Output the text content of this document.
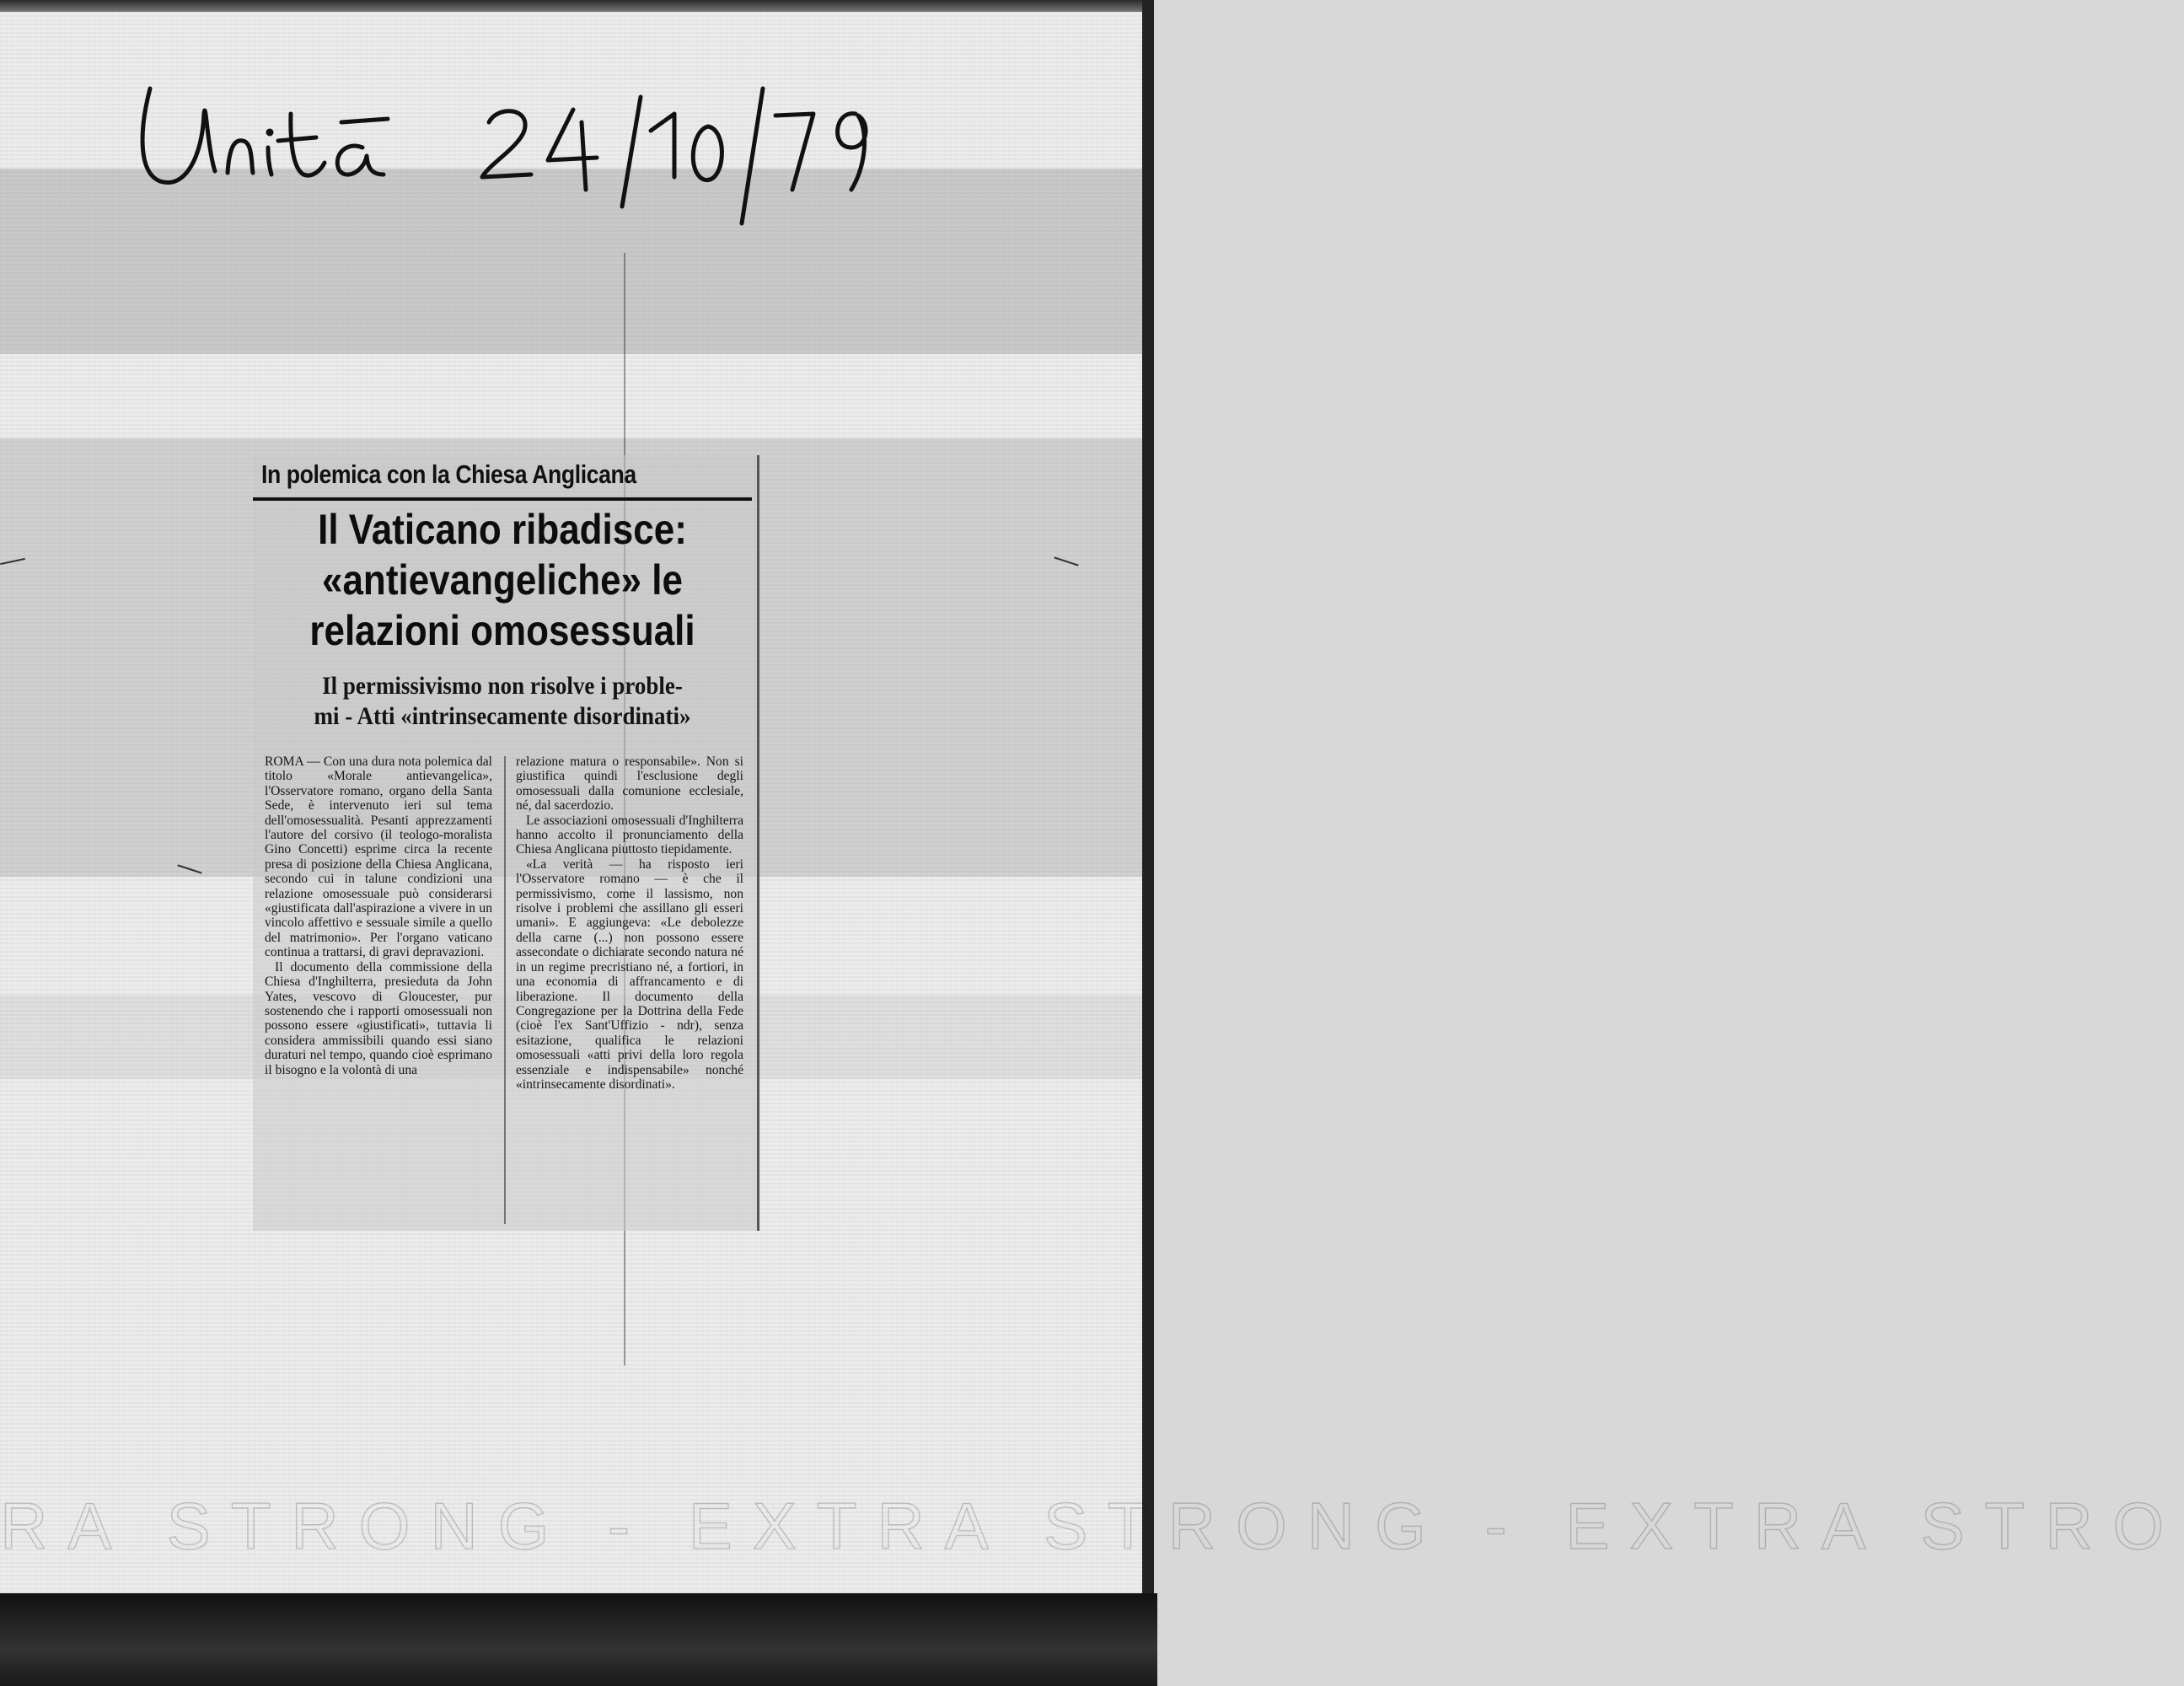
In polemica con la Chiesa Anglicana
Il Vaticano ribadisce:
«antievangeliche» le
relazioni omosessuali
Il permissivismo non risolve i proble-
mi - Atti «intrinsecamente disordinati»

ROMA — Con una dura nota polemica dal titolo «Morale antievangelica», l'Osservatore romano, organo della Santa Sede, è intervenuto ieri sul tema dell'omosessualità. Pesanti apprezzamenti l'autore del corsivo (il teologo-moralista Gino Concetti) esprime circa la recente presa di posizione della Chiesa Anglicana, secondo cui in talune condizioni una relazione omosessuale può considerarsi «giustificata dall'aspirazione a vivere in un vincolo affettivo e sessuale simile a quello del matrimonio». Per l'organo vaticano continua a trattarsi, di gravi depravazioni.

Il documento della commissione della Chiesa d'Inghilterra, presieduta da John Yates, vescovo di Gloucester, pur sostenendo che i rapporti omosessuali non possono essere «giustificati», tuttavia li considera ammissibili quando essi siano duraturi nel tempo, quando cioè esprimano il bisogno e la volontà di una

relazione matura o responsabile». Non si giustifica quindi l'esclusione degli omosessuali dalla comunione ecclesiale, né, dal sacerdozio.

Le associazioni omosessuali d'Inghilterra hanno accolto il pronunciamento della Chiesa Anglicana piuttosto tiepidamente.

«La verità — ha risposto ieri l'Osservatore romano — è che il permissivismo, come il lassismo, non risolve i problemi che assillano gli esseri umani». E aggiungeva: «Le debolezze della carne (...) non possono essere assecondate o dichiarate secondo natura né in un regime precristiano né, a fortiori, in una economia di affrancamento e di liberazione. Il documento della Congregazione per la Dottrina della Fede (cioè l'ex Sant'Uffizio - ndr), senza esitazione, qualifica le relazioni omosessuali «atti privi della loro regola essenziale e indispensabile» nonché «intrinsecamente disordinati».

RA STRONG - EXTRA STRONG - EXTRA STRO
